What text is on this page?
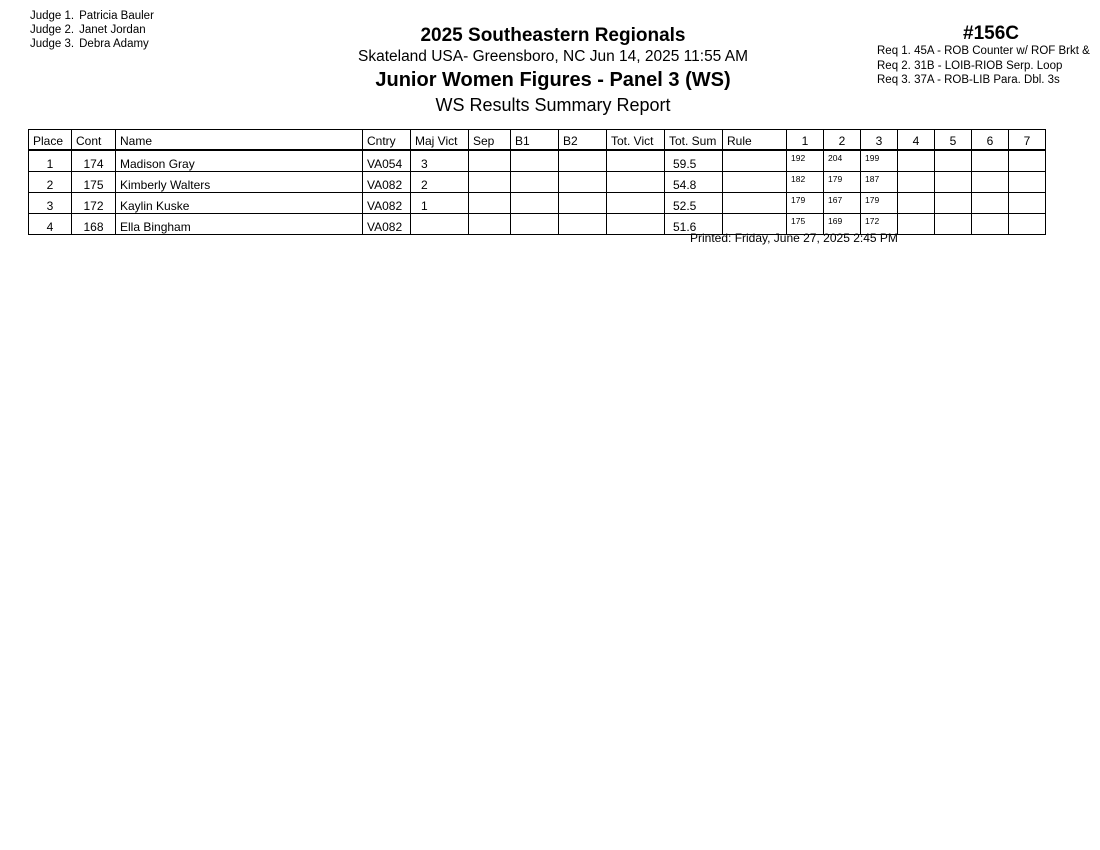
Judge 1. Patricia Bauler
Judge 2. Janet Jordan
Judge 3. Debra Adamy	2025 Southeastern Regionals
Skateland USA- Greensboro, NC Jun 14, 2025 11:55 AM
Junior Women Figures - Panel 3 (WS)
WS Results Summary Report
#156C
Req 1. 45A - ROB Counter w/ ROF Brkt &
Req 2. 31B - LOIB-RIOB Serp. Loop
Req 3. 37A - ROB-LIB Para. Dbl. 3s
Place	Cont	Name	Cntry	Maj Vict	Sep	B1	B2	Tot. Vict	Tot. Sum	Rule	1	2	3	4	5	6	7
1	174	Madison Gray	VA054	3					59.5		192	204	199				
2	175	Kimberly Walters	VA082	2					54.8		182	179	187				
3	172	Kaylin Kuske	VA082	1					52.5		179	167	179				
4	168	Ella Bingham	VA082						51.6		175	169	172				
Printed: Friday, June 27, 2025 2:45 PM
